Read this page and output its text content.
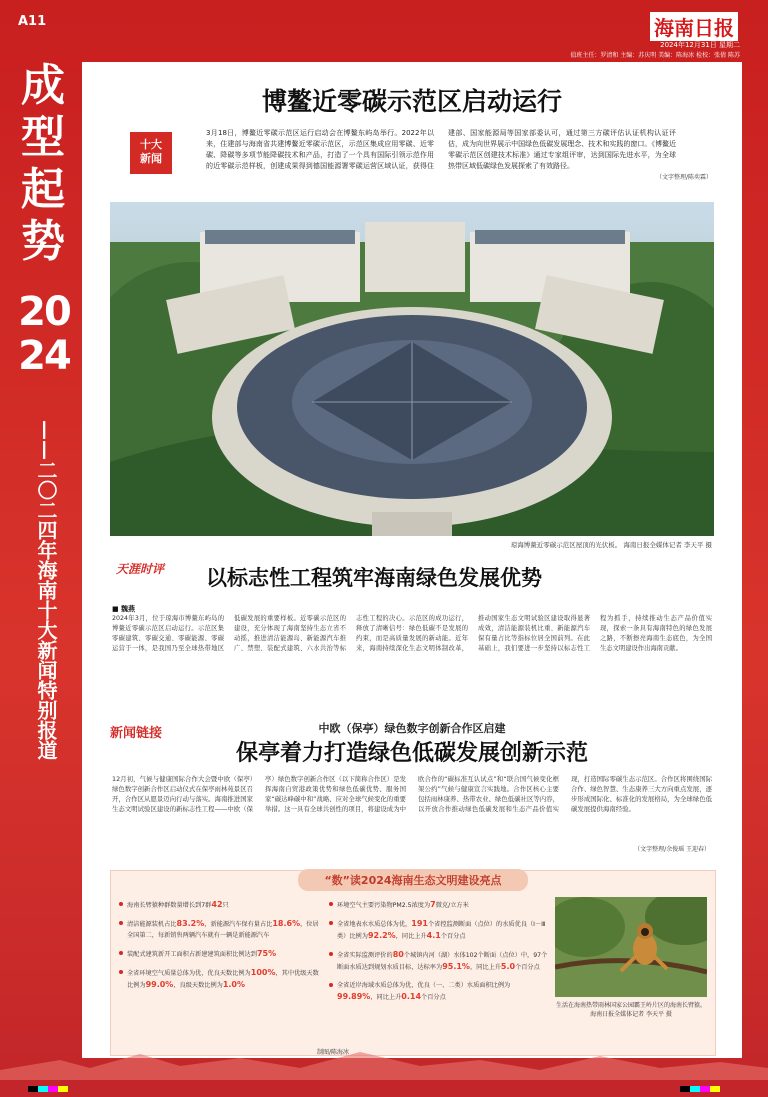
A11	海南日报
2024年12月31日 星期二
值班主任：罗清和 主编：苏庆明 美编：陈海冰 检校：张倩 陈苏
成
型
起
势
2024
——二〇二四年海南十大新闻特别报道
博鳌近零碳示范区启动运行
十大
新闻
3月18日，博鳌近零碳示范区运行启动会在博鳌东屿岛举行。2022年以来，住建部与海南省共建博鳌近零碳示范区，示范区集成应用零碳、近零碳、降碳等多项节能降碳技术和产品，打造了一个具有国际引领示范作用的近零碳示范样板，创建成果得到德国能源署零碳运营区域认证，获得住建部、国家能源局等国家部委认可，通过第三方碳评估认证机构认证评估，成为向世界展示中国绿色低碳发展理念、技术和实践的窗口。《博鳌近零碳示范区创建技术标准》通过专家组评审，达到国际先进水平，为全球热带区域低碳绿色发展探索了有效路径。
（文字整理/陈奕霖）
琼海博鳌近零碳示范区屋顶的光伏板。 海南日报全媒体记者 李天平 摄
天涯时评 以标志性工程筑牢海南绿色发展优势
■ 魏燕
2024年3月，位于琼海市博鳌东屿岛的博鳌近零碳示范区启动运行。示范区集零碳建筑、零碳交通、零碳能源、零碳运营于一体，是我国乃至全球热带地区低碳发展的重要样板。近零碳示范区的建设，充分体现了海南坚持生态立省不动摇，推进清洁能源岛、新能源汽车推广、禁塑、装配式建筑、六水共治等标志性工程的决心。示范区的成功运行，释放了清晰信号：绿色低碳不是发展的约束，而是高质量发展的新动能。近年来，海南持续深化生态文明体制改革，推动国家生态文明试验区建设取得显著成效，清洁能源装机比重、新能源汽车保有量占比等指标位居全国前列。在此基础上，我们要进一步坚持以标志性工程为抓手，持续推动生态产品价值实现，探索一条具有海南特色的绿色发展之路，不断擦亮海南生态底色，为全国生态文明建设作出海南贡献。
新闻链接	中欧（保亭）绿色数字创新合作区启建
保亭着力打造绿色低碳发展创新示范
12月初，气候与健康国际合作大会暨中欧（保亭）绿色数字创新合作区启动仪式在保亭雨林苑景区召开，合作区从愿景迈向行动与落实。海南推进国家生态文明试验区建设的新标志性工程——中欧（保亭）绿色数字创新合作区（以下简称合作区）是发挥海南自贸港政策优势和绿色低碳优势、服务国家“碳达峰碳中和”战略、应对全球气候变化的重要举措。这一具有全球共创性的项目，将建设成为中欧合作的“碳标准互认试点”和“联合国气候变化框架公约”气候与健康宣言实践地。合作区核心主要包括雨林康养、热带农业、绿色低碳社区等内容，以开放合作推动绿色低碳发展和生态产品价值实现，打造国际零碳生态示范区。合作区将围绕国际合作、绿色智慧、生态康养三大方向重点发展，逐步形成国际化、标准化的发展格局，为全球绿色低碳发展提供海南经验。
（文字整理/余俊瑶 王迎春）
“数”读2024海南生态文明建设亮点
海南长臂猿种群数量增长到7群42只
清洁能源装机占比83.2%，新能源汽车保有量占比18.6%，位居全国第二，每新销售两辆汽车就有一辆是新能源汽车
装配式建筑新开工面积占新建建筑面积比例达到75%
全省环境空气质量总体为优，优良天数比例为100%，其中优级天数比例为99.0%，良级天数比例为1.0%
环境空气主要污染物PM2.5浓度为7微克/立方米
全省地表水水质总体为优，191个省控监测断面（点位）的水质优良（Ⅰ－Ⅲ类）比例为92.2%，同比上升4.1个百分点
全省实际监测评价的80个城镇内河（湖）水体102个断面（点位）中，97个断面水质达到规划水质目标，达标率为95.1%，同比上升5.0个百分点
全省近岸海域水质总体为优，优良（一、二类）水质面积比例为99.89%，同比上升0.14个百分点
生活在海南热带雨林国家公园霸王岭片区的海南长臂猿。 海南日报全媒体记者 李天平 摄
制图/陈海冰
